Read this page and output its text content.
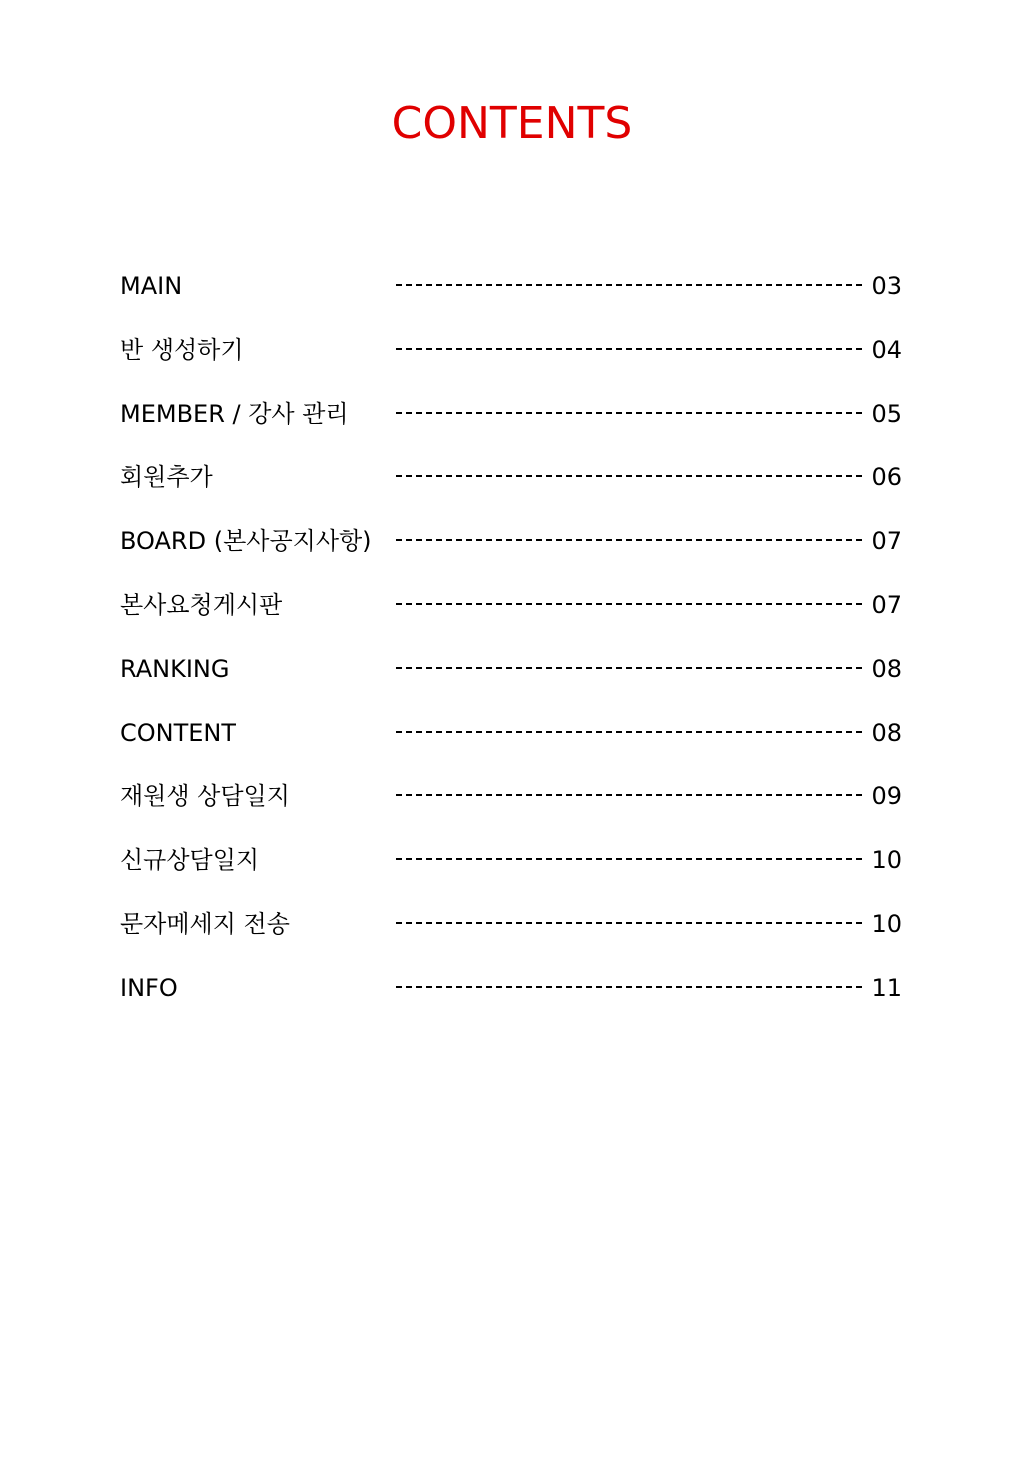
CONTENTS
MAIN	03
반 생성하기	04
MEMBER / 강사 관리	05
회원추가	06
BOARD (본사공지사항)	07
본사요청게시판	07
RANKING	08
CONTENT	08
재원생 상담일지	09
신규상담일지	10
문자메세지 전송	10
INFO	11
